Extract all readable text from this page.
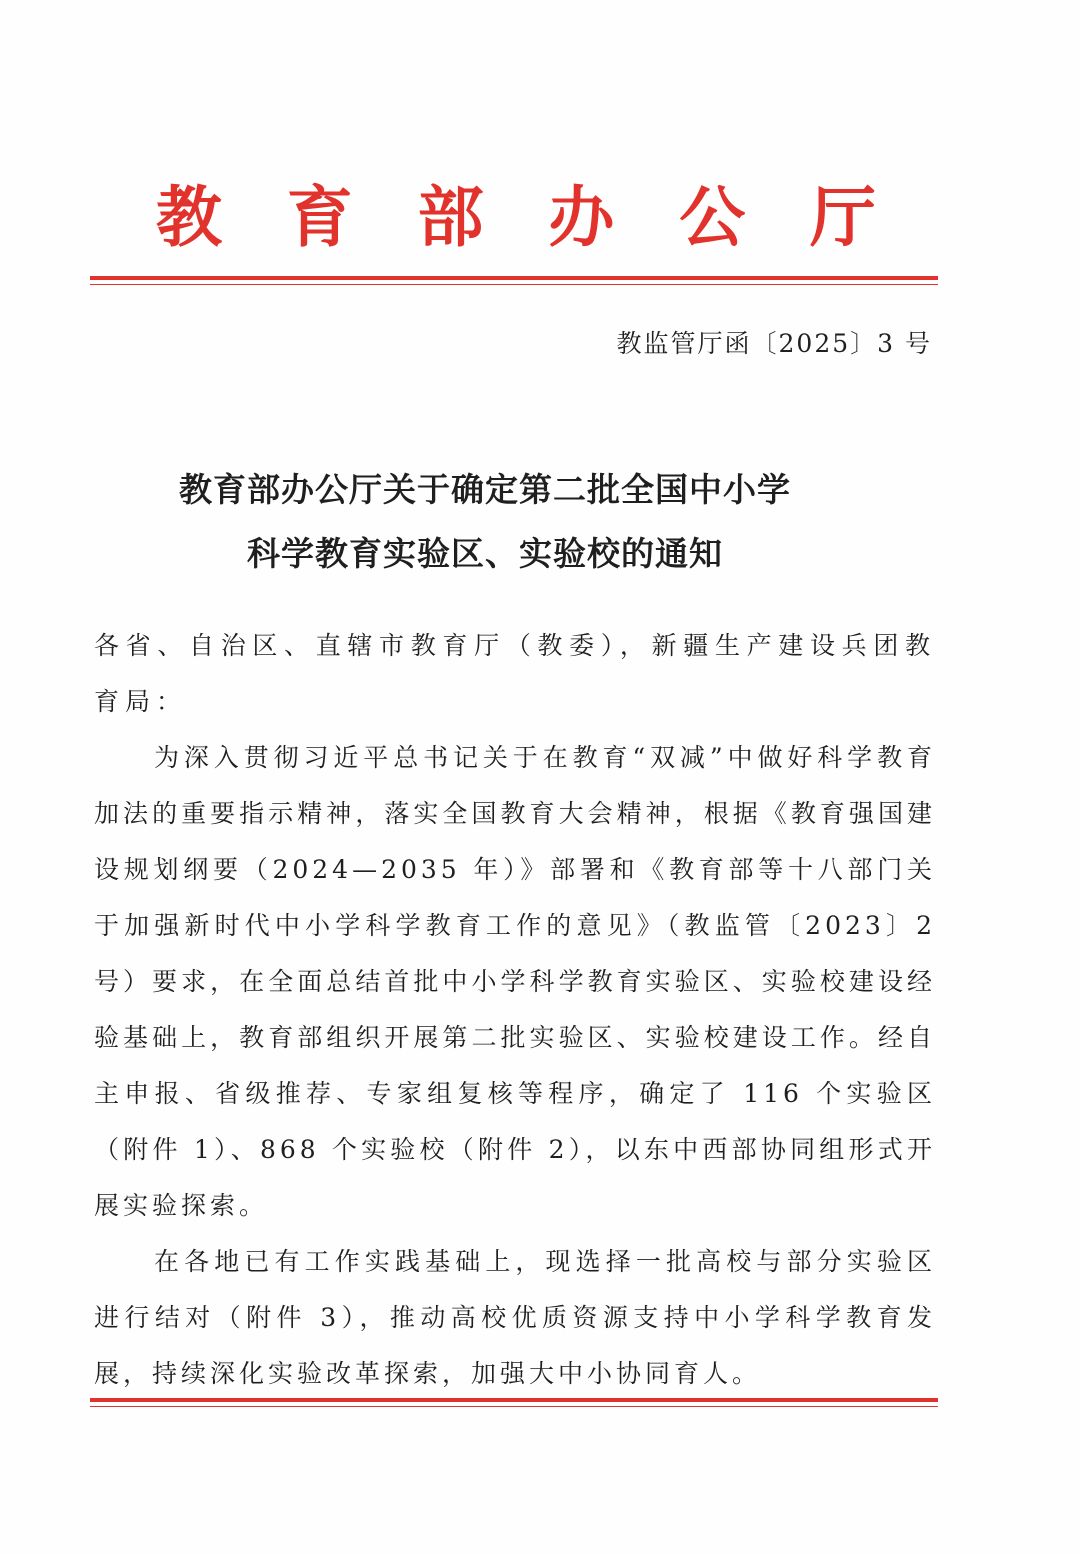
教 育 部 办 公 厅
教监管厅函〔2025〕3 号
教育部办公厅关于确定第二批全国中小学
科学教育实验区、实验校的通知

各省、自治区、直辖市教育厅（教委），新疆生产建设兵团教育局：

为深入贯彻习近平总书记关于在教育“双减”中做好科学教育加法的重要指示精神，落实全国教育大会精神，根据《教育强国建设规划纲要（2024—2035 年）》部署和《教育部等十八部门关于加强新时代中小学科学教育工作的意见》（教监管〔2023〕2 号）要求，在全面总结首批中小学科学教育实验区、实验校建设经验基础上，教育部组织开展第二批实验区、实验校建设工作。经自主申报、省级推荐、专家组复核等程序，确定了 116 个实验区（附件 1）、868 个实验校（附件 2），以东中西部协同组形式开展实验探索。

在各地已有工作实践基础上，现选择一批高校与部分实验区进行结对（附件 3），推动高校优质资源支持中小学科学教育发展，持续深化实验改革探索，加强大中小协同育人。
